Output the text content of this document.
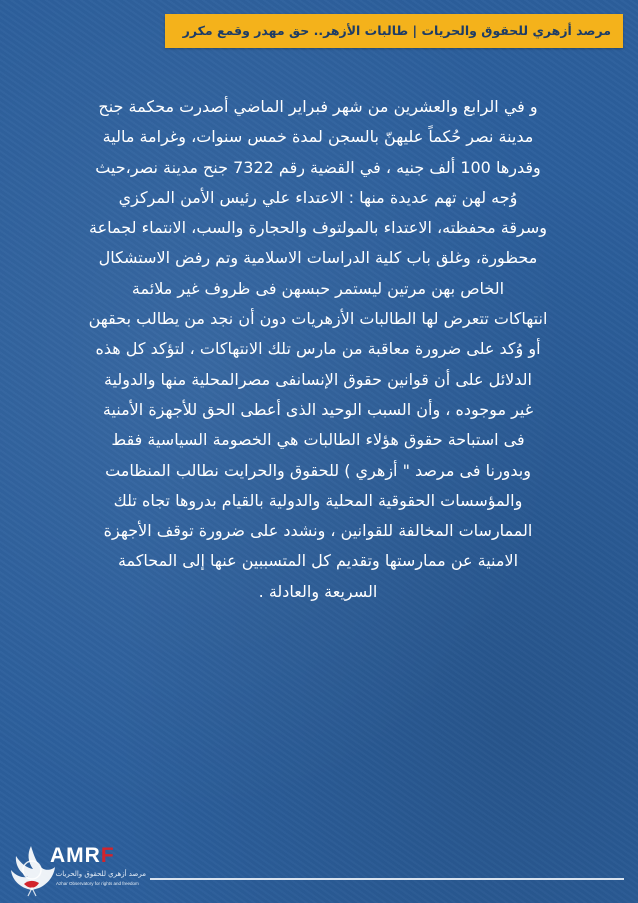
مرصد أزهري للحقوق والحريات | طالبات الأزهر.. حق مهدر وقمع مكرر
و في الرابع والعشرين من شهر فبراير الماضي أصدرت محكمة جنح
مدينة نصر حُكماً عليهنّ بالسجن لمدة خمس سنوات، وغرامة مالية
وقدرها 100 ألف جنيه ، في القضية رقم 7322 جنح مدينة نصر،حيث
وُجه لهن تهم عديدة منها : الاعتداء علي رئيس الأمن المركزي
وسرقة محفظته، الاعتداء بالمولتوف والحجارة والسب، الانتماء لجماعة
محظورة، وغلق باب كلية الدراسات الاسلامية وتم رفض الاستشكال
الخاص بهن مرتين ليستمر حبسهن فى ظروف غير ملائمة
انتهاكات تتعرض لها الطالبات الأزهريات دون أن نجد من يطالب بحقهن
أو وُكد على ضرورة معاقبة من مارس تلك الانتهاكات ، لتؤكد كل هذه
الدلائل على أن قوانين حقوق الإنسانفى مصرالمحلية منها والدولية
غير موجوده ، وأن السبب الوحيد الذى أعطى الحق للأجهزة الأمنية
فى استباحة حقوق هؤلاء الطالبات هي الخصومة السياسية فقط
وبدورنا فى مرصد " أزهري ) للحقوق والحرايت نطالب المنظامت
والمؤسسات الحقوقية المحلية والدولية بالقيام بدروها تجاه تلك
الممارسات المخالفة للقوانين ، ونشدد على ضرورة توقف الأجهزة
الامنية عن ممارستها وتقديم كل المتسببين عنها إلى المحاكمة
السريعة والعادلة .
AMRF
مرصد أزهري للحقوق والحريات
Azhar Observatory for rights and freedom
